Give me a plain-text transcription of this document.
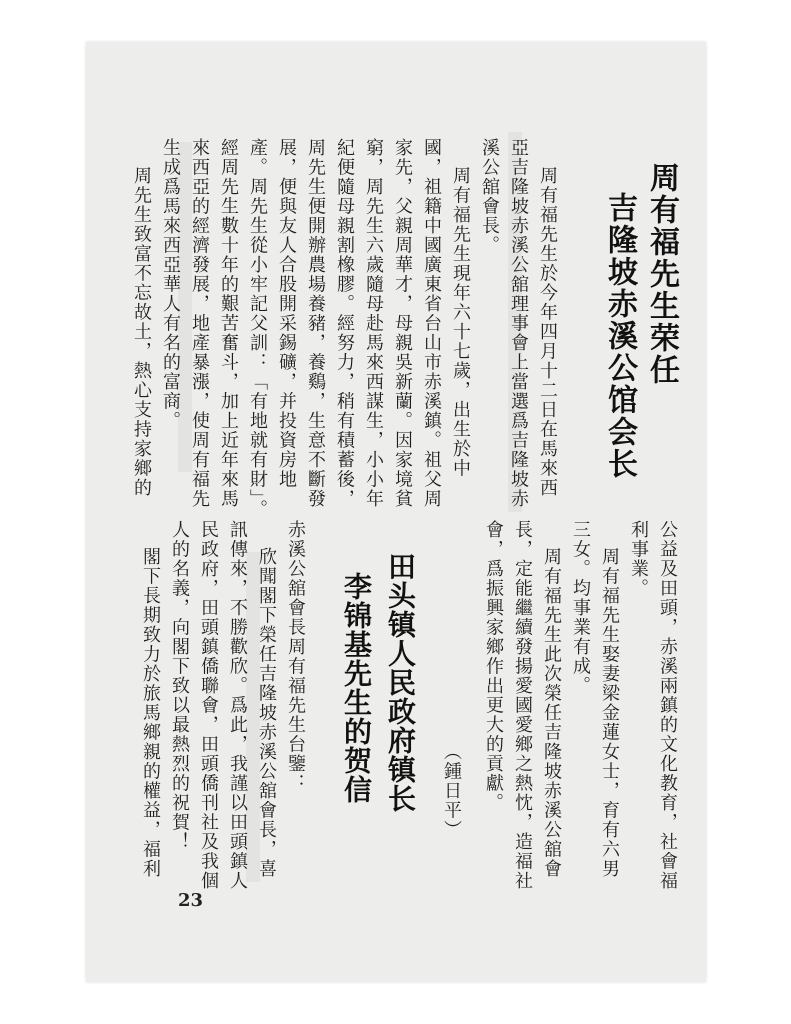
周有福先生荣任
吉隆坡赤溪公馆会长
周有福先生於今年四月十二日在馬來西
亞吉隆坡赤溪公舘理事會上當選爲吉隆坡赤
溪公舘會長。
周有福先生現年六十七歲，出生於中
國，祖籍中國廣東省台山市赤溪鎮。祖父周
家先，父親周華才，母親吳新蘭。因家境貧
窮，周先生六歲隨母赴馬來西謀生，小小年
紀便隨母親割橡膠。經努力，稍有積蓄後，
周先生便開辦農場養豬，養鷄，生意不斷發
展，便與友人合股開采錫礦，并投資房地
產。周先生從小牢記父訓：「有地就有財」。
經周先生數十年的艱苦奮斗，加上近年來馬
來西亞的經濟發展，地產暴漲，使周有福先
生成爲馬來西亞華人有名的富商。
周先生致富不忘故土，熱心支持家鄉的
公益及田頭，赤溪兩鎮的文化教育，社會福
利事業。
周有福先生娶妻梁金蓮女士，育有六男
三女。均事業有成。
周有福先生此次榮任吉隆坡赤溪公舘會
長，定能繼續發揚愛國愛鄉之熱忱，造福社
會，爲振興家鄉作出更大的貢獻。
（鍾日平）
田头镇人民政府镇长
李锦基先生的贺信
赤溪公舘會長周有福先生台鑒：
欣聞閣下榮任吉隆坡赤溪公舘會長，喜
訊傳來，不勝歡欣。爲此，我謹以田頭鎮人
民政府，田頭鎮僑聯會，田頭僑刊社及我個
人的名義，向閣下致以最熱烈的祝賀！
閣下長期致力於旅馬鄉親的權益，福利
23
